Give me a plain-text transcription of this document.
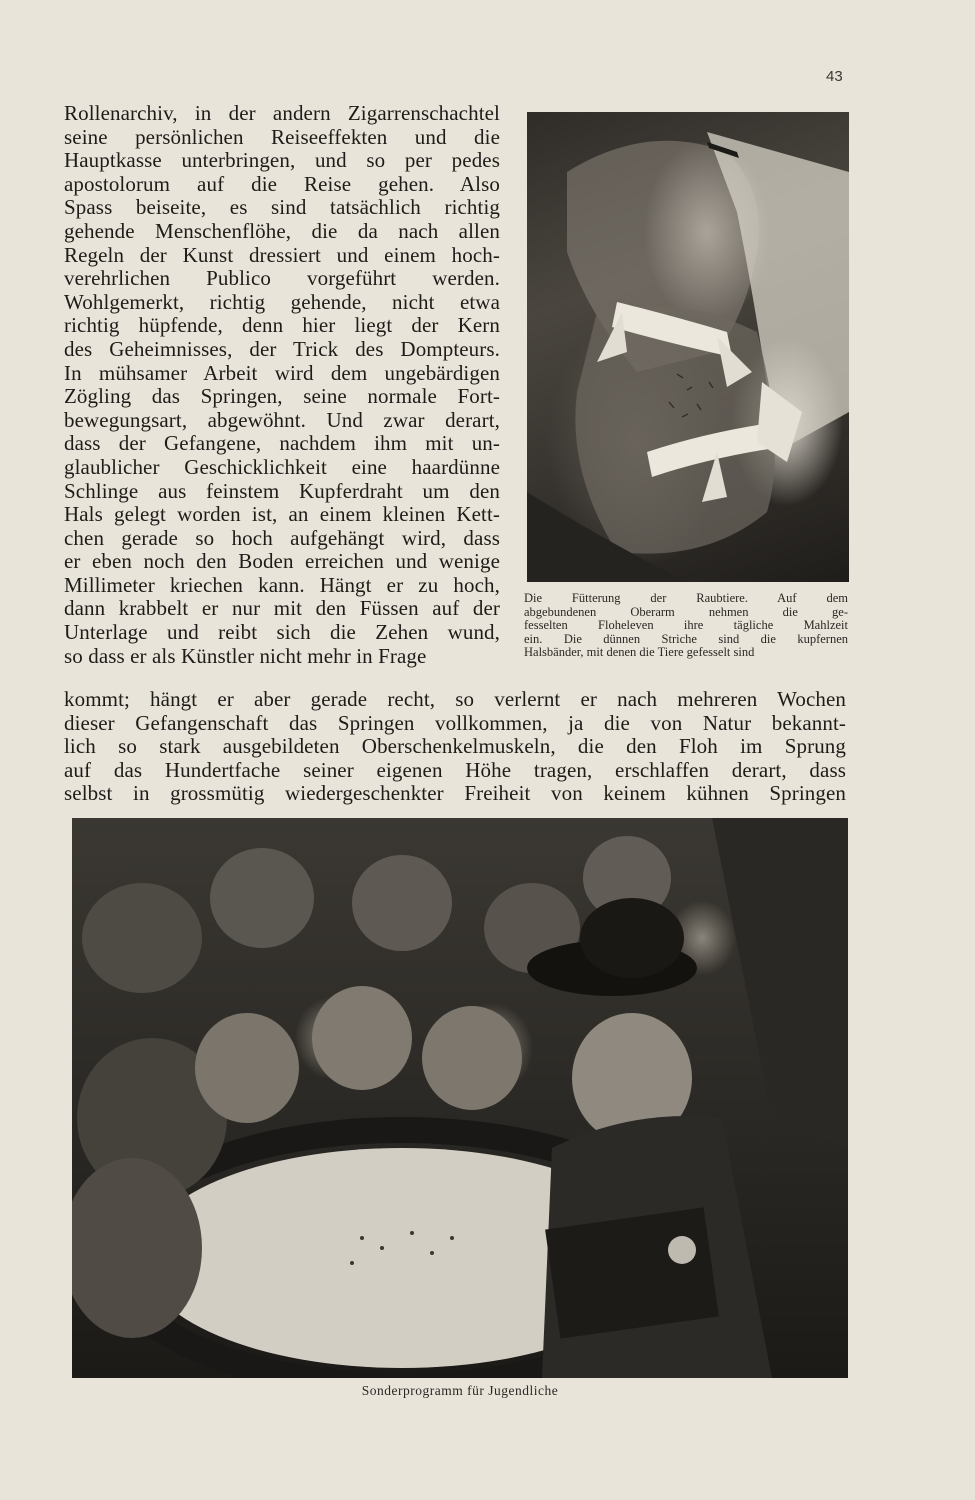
43
Rollenarchiv, in der andern Zigarrenschachtel
seine persönlichen Reiseeffekten und die
Hauptkasse unterbringen, und so per pedes
apostolorum auf die Reise gehen. Also
Spass beiseite, es sind tatsächlich richtig
gehende Menschenflöhe, die da nach allen
Regeln der Kunst dressiert und einem hoch-
verehrlichen Publico vorgeführt werden.
Wohlgemerkt, richtig gehende, nicht etwa
richtig hüpfende, denn hier liegt der Kern
des Geheimnisses, der Trick des Dompteurs.
In mühsamer Arbeit wird dem ungebärdigen
Zögling das Springen, seine normale Fort-
bewegungsart, abgewöhnt. Und zwar derart,
dass der Gefangene, nachdem ihm mit un-
glaublicher Geschicklichkeit eine haardünne
Schlinge aus feinstem Kupferdraht um den
Hals gelegt worden ist, an einem kleinen Kett-
chen gerade so hoch aufgehängt wird, dass
er eben noch den Boden erreichen und wenige
Millimeter kriechen kann. Hängt er zu hoch,
dann krabbelt er nur mit den Füssen auf der
Unterlage und reibt sich die Zehen wund,
so dass er als Künstler nicht mehr in Frage
Die Fütterung der Raubtiere. Auf dem
abgebundenen Oberarm nehmen die ge-
fesselten Floheleven ihre tägliche Mahlzeit
ein. Die dünnen Striche sind die kupfernen
Halsbänder, mit denen die Tiere gefesselt sind
kommt; hängt er aber gerade recht, so verlernt er nach mehreren Wochen
dieser Gefangenschaft das Springen vollkommen, ja die von Natur bekannt-
lich so stark ausgebildeten Oberschenkelmuskeln, die den Floh im Sprung
auf das Hundertfache seiner eigenen Höhe tragen, erschlaffen derart, dass
selbst in grossmütig wiedergeschenkter Freiheit von keinem kühnen Springen
Sonderprogramm für Jugendliche
